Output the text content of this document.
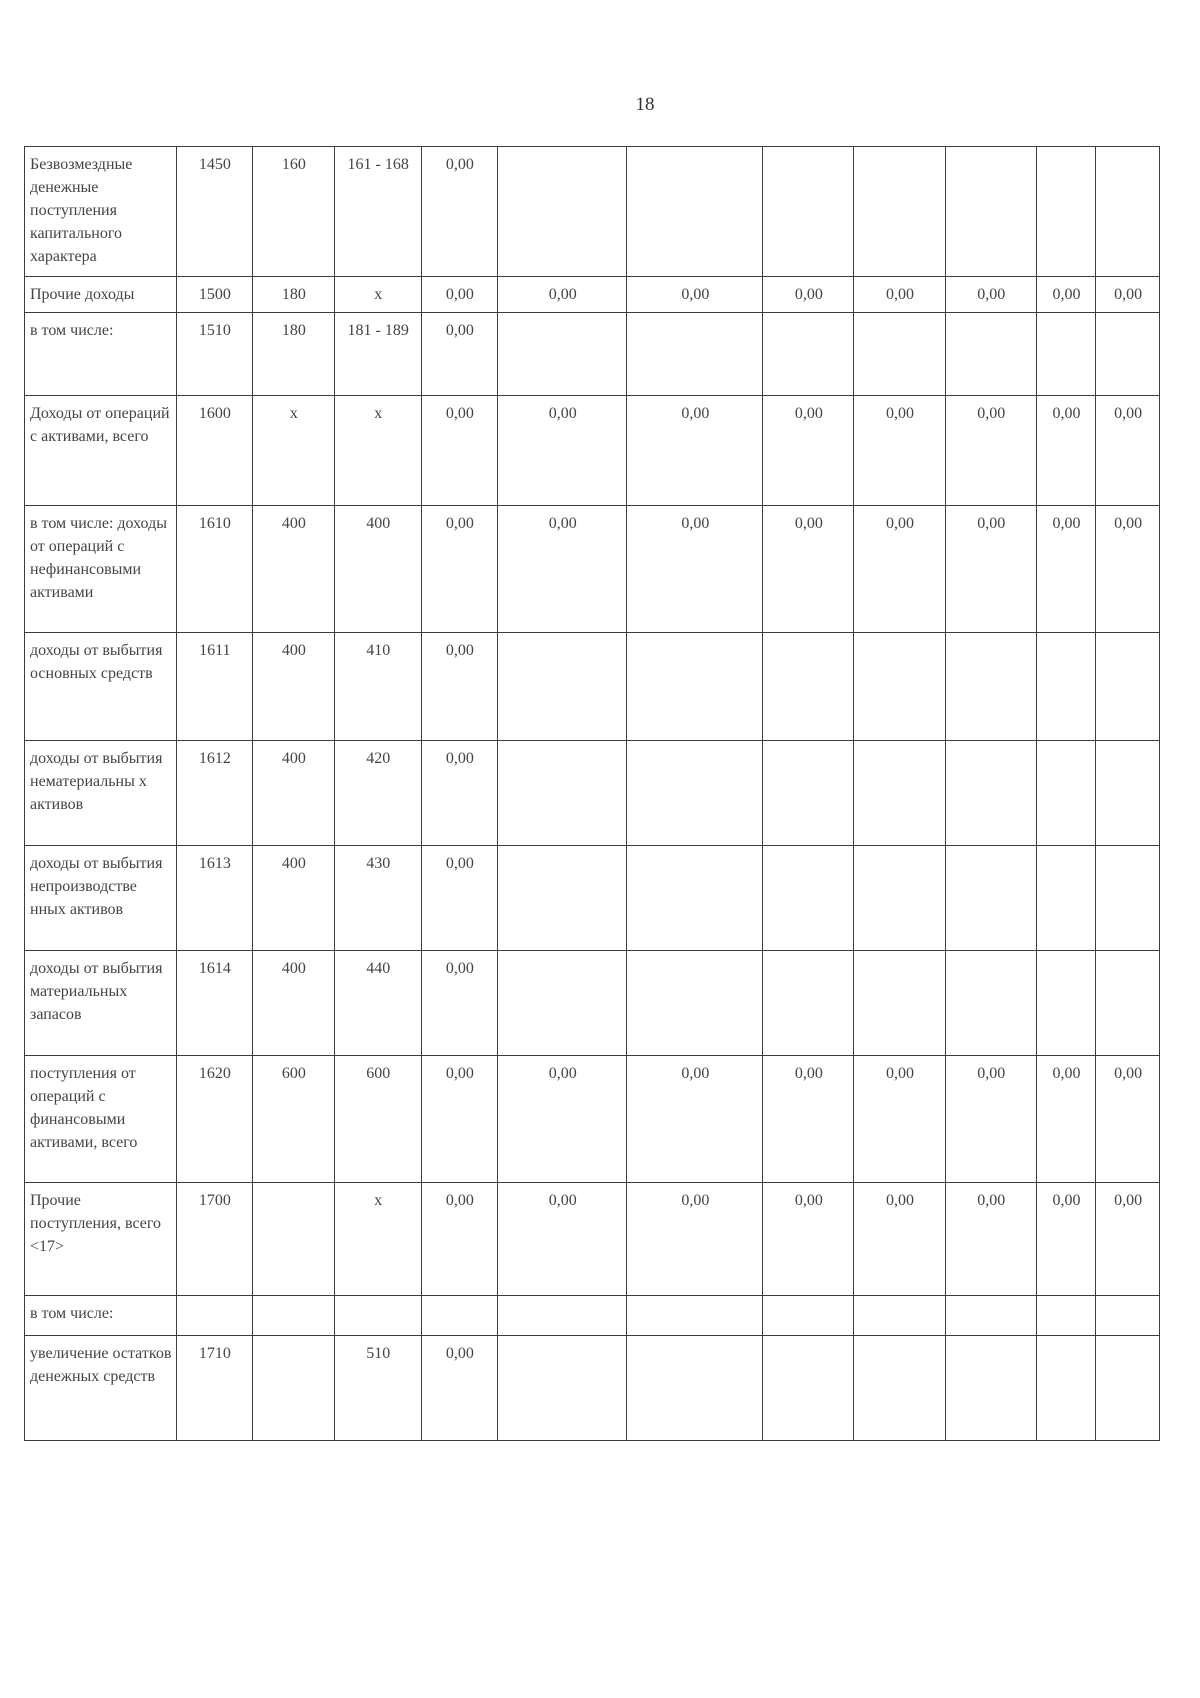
18
Безвозмездные денежные поступления капитального характера	1450	160	161 - 168	0,00							
Прочие доходы	1500	180	х	0,00	0,00	0,00	0,00	0,00	0,00	0,00	0,00
в том числе:	1510	180	181 - 189	0,00							
Доходы от операций с активами, всего	1600	х	х	0,00	0,00	0,00	0,00	0,00	0,00	0,00	0,00
в том числе: доходы от операций с нефинансовыми активами	1610	400	400	0,00	0,00	0,00	0,00	0,00	0,00	0,00	0,00
доходы от выбытия основных средств	1611	400	410	0,00							
доходы от выбытия нематериальны х активов	1612	400	420	0,00							
доходы от выбытия непроизводстве нных активов	1613	400	430	0,00							
доходы от выбытия материальных запасов	1614	400	440	0,00							
поступления от операций с финансовыми активами, всего	1620	600	600	0,00	0,00	0,00	0,00	0,00	0,00	0,00	0,00
Прочие поступления, всего <17>	1700		х	0,00	0,00	0,00	0,00	0,00	0,00	0,00	0,00
в том числе:											
увеличение остатков денежных средств	1710		510	0,00							
